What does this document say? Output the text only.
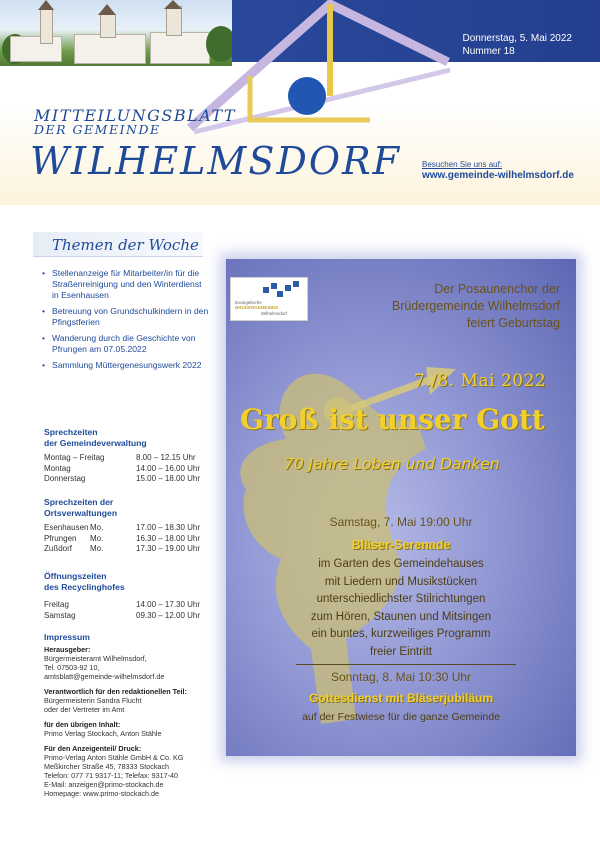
Donnerstag, 5. Mai 2022
Nummer 18
MITTEILUNGSBLATT
DER GEMEINDE
WILHELMSDORF	Besuchen Sie uns auf:
www.gemeinde-wilhelmsdorf.de
Themen der Woche
• Stellenanzeige für Mitarbeiter/in für die Straßenreinigung und den Winterdienst in Esenhausen
• Betreuung von Grundschulkindern in den Pfingstferien
• Wanderung durch die Geschichte von Pfrungen am 07.05.2022
• Sammlung Müttergenesungswerk 2022
Sprechzeiten
der Gemeindeverwaltung
Montag – Freitag	8.00 – 12.15 Uhr
Montag	14.00 – 16.00 Uhr
Donnerstag	15.00 – 18.00 Uhr
Sprechzeiten der
Ortsverwaltungen
Esenhausen Mo.	17.00 – 18.30 Uhr
Pfrungen Mo.	16.30 – 18.00 Uhr
Zußdorf Mo.	17.30 – 19.00 Uhr
Öffnungszeiten
des Recyclinghofes
Freitag	14.00 – 17.30 Uhr
Samstag	09.30 – 12.00 Uhr
Impressum
Herausgeber:
Bürgermeisteramt Wilhelmsdorf,
Tel. 07503-92 10,
amtsblatt@gemeinde-wilhelmsdorf.de
Verantwortlich für den redaktionellen Teil:
Bürgermeisterin Sandra Flucht
oder der Vertreter im Amt
für den übrigen Inhalt:
Primo Verlag Stockach, Anton Stähle
Für den Anzeigenteil/ Druck:
Primo-Verlag Anton Stähle GmbH & Co. KG
Meßkircher Straße 45, 78333 Stockach
Telefon: 077 71 9317-11; Telefax: 9317-40
E-Mail: anzeigen@primo-stockach.de
Homepage: www.primo-stockach.de
Evangelische
BRÜDERGEMEINDE
Wilhelmsdorf
Der Posaunenchor der
Brüdergemeinde Wilhelmsdorf
feiert Geburtstag
7./8. Mai 2022
Groß ist unser Gott
70 Jahre Loben und Danken
Samstag, 7. Mai 19:00 Uhr
Bläser-Serenade
im Garten des Gemeindehauses
mit Liedern und Musikstücken
unterschiedlichster Stilrichtungen
zum Hören, Staunen und Mitsingen
ein buntes, kurzweiliges Programm
freier Eintritt
Sonntag, 8. Mai 10:30 Uhr
Gottesdienst mit Bläserjubiläum
auf der Festwiese für die ganze Gemeinde
